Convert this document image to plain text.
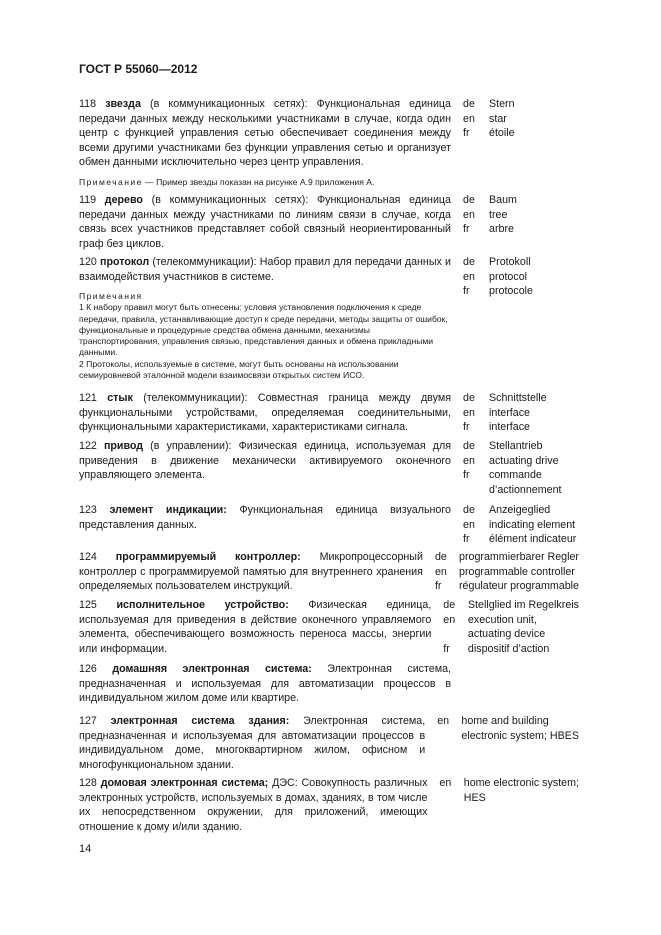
ГОСТ Р 55060—2012

118 звезда (в коммуникационных сетях): Функциональная единица передачи данных между несколькими участниками в случае, когда один центр с функцией управления сетью обеспечивает соединения между всеми другими участниками без функции управления сетью и организует обмен данными исключительно через центр управления.

Примечание — Пример звезды показан на рисунке А.9 приложения А.
de
en
fr
Stern
star
étoile

119 дерево (в коммуникационных сетях): Функциональная единица передачи данных между участниками по линиям связи в случае, когда связь всех участников представляет собой связный неориентированный граф без циклов.

de
en
fr
Baum
tree
arbre

120 протокол (телекоммуникации): Набор правил для передачи данных и взаимодействия участников в системе.

Примечания
1 К набору правил могут быть отнесены: условия установления подключения к среде передачи, правила, устанавливающие доступ к среде передачи, методы защиты от ошибок, функциональные и процедурные средства обмена данными, механизмы транспортирования, управления связью, представления данных и обмена прикладными данными.
2 Протоколы, используемые в системе, могут быть основаны на использовании семиуровневой эталонной модели взаимосвязи открытых систем ИСО.
de
en
fr
Protokoll
protocol
protocole

121 стык (телекоммуникации): Совместная граница между двумя функциональными устройствами, определяемая соединительными, функциональными характеристиками, характеристиками сигнала.

de
en
fr
Schnittstelle
interface
interface

122 привод (в управлении): Физическая единица, используемая для приведения в движение механически активируемого оконечного управляющего элемента.

de
en
fr
Stellantrieb
actuating drive
commande
d’actionnement

123 элемент индикации: Функциональная единица визуального представления данных.

de
en
fr
Anzeigeglied
indicating element
élément indicateur

124 программируемый контроллер: Микропроцессорный контроллер с программируемой памятью для внутреннего хранения определяемых пользователем инструкций.

de
en
fr
programmierbarer Regler
programmable controller
régulateur programmable

125 исполнительное устройство: Физическая единица, используемая для приведения в действие оконечного управляемого элемента, обеспечивающего возможность переноса массы, энергии или информации.

de
en
fr
Stellglied im Regelkreis
execution unit,
actuating device
dispositif d’action

126 домашняя электронная система: Электронная система, предназначенная и используемая для автоматизации процессов в индивидуальном жилом доме или квартире.

127 электронная система здания: Электронная система, предназначенная и используемая для автоматизации процессов в индивидуальном доме, многоквартирном жилом, офисном и многофункциональном здании.

en	home and building
electronic system; HBES

128 домовая электронная система; ДЭС: Совокупность различных электронных устройств, используемых в домах, зданиях, в том числе их непосредственном окружении, для приложений, имеющих отношение к дому и/или зданию.

en	home electronic system;
HES
14
